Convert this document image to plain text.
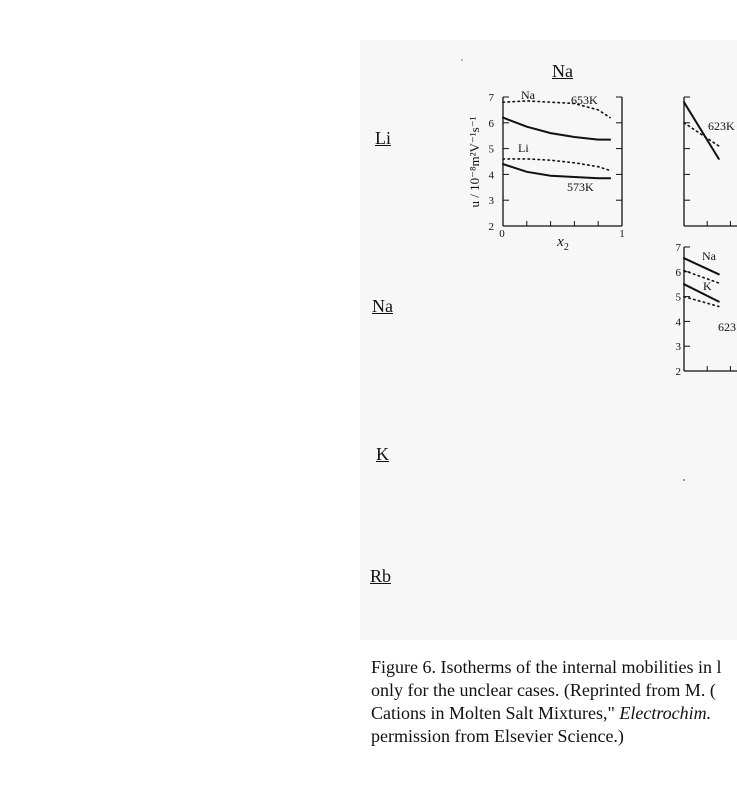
Na
Li
Na
K
Rb
2
3
4
5
6
7
0	1
$x_2$
u / 10⁻⁸m²V⁻¹s⁻¹
Na	653K
Li
573K
623K
2
3
4
5
6
7
Na
K
623

Figure 6. Isotherms of the internal mobilities in l

only for the unclear cases. (Reprinted from M. (

Cations in Molten Salt Mixtures," Electrochim.

permission from Elsevier Science.)
